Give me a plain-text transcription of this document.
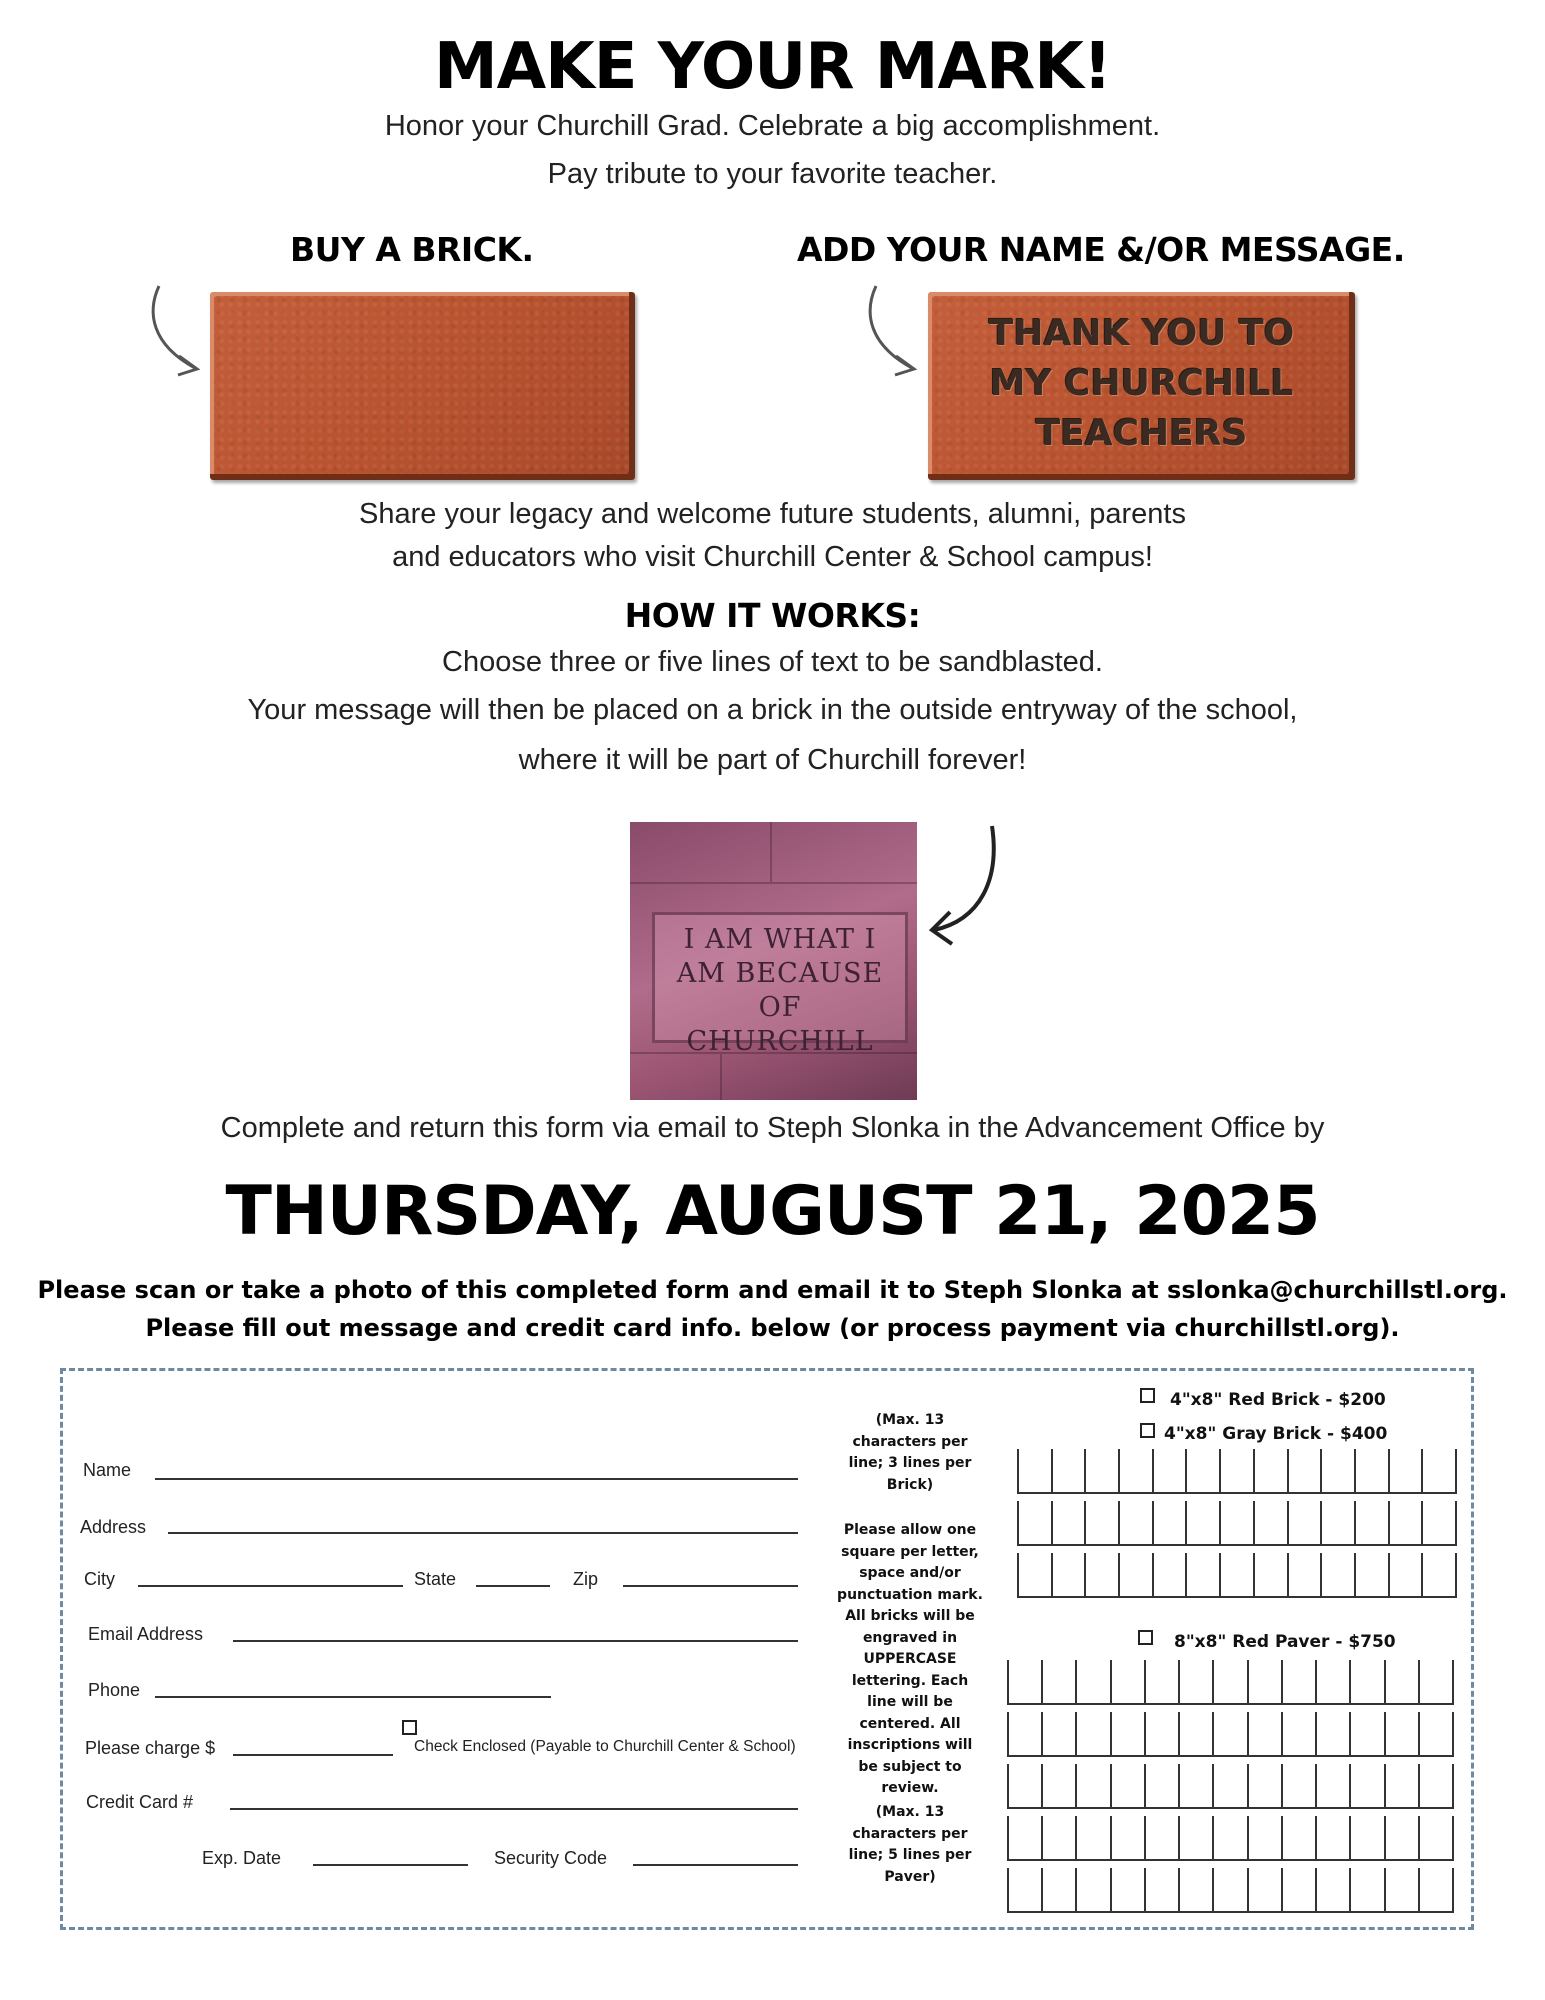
MAKE YOUR MARK!
Honor your Churchill Grad. Celebrate a big accomplishment.
Pay tribute to your favorite teacher.
BUY A BRICK.	ADD YOUR NAME &/OR MESSAGE.
THANK YOU TO
MY CHURCHILL
TEACHERS
Share your legacy and welcome future students, alumni, parents
and educators who visit Churchill Center & School campus!
HOW IT WORKS:
Choose three or five lines of text to be sandblasted.
Your message will then be placed on a brick in the outside entryway of the school,
where it will be part of Churchill forever!
I AM WHAT I
AM BECAUSE OF
CHURCHILL
Complete and return this form via email to Steph Slonka in the Advancement Office by
THURSDAY, AUGUST 21, 2025
Please scan or take a photo of this completed form and email it to Steph Slonka at sslonka@churchillstl.org.
Please fill out message and credit card info. below (or process payment via churchillstl.org).
Name
Address
City	State	Zip
Email Address
Phone
Please charge $	Check Enclosed (Payable to Churchill Center & School)
Credit Card #
Exp. Date	Security Code
(Max. 13 characters per line; 3 lines per Brick)
Please allow one square per letter, space and/or punctuation mark. All bricks will be engraved in UPPERCASE lettering. Each line will be centered. All inscriptions will be subject to review.
(Max. 13 characters per line; 5 lines per Paver)
4"x8" Red Brick - $200
4"x8" Gray Brick - $400
8"x8" Red Paver - $750
